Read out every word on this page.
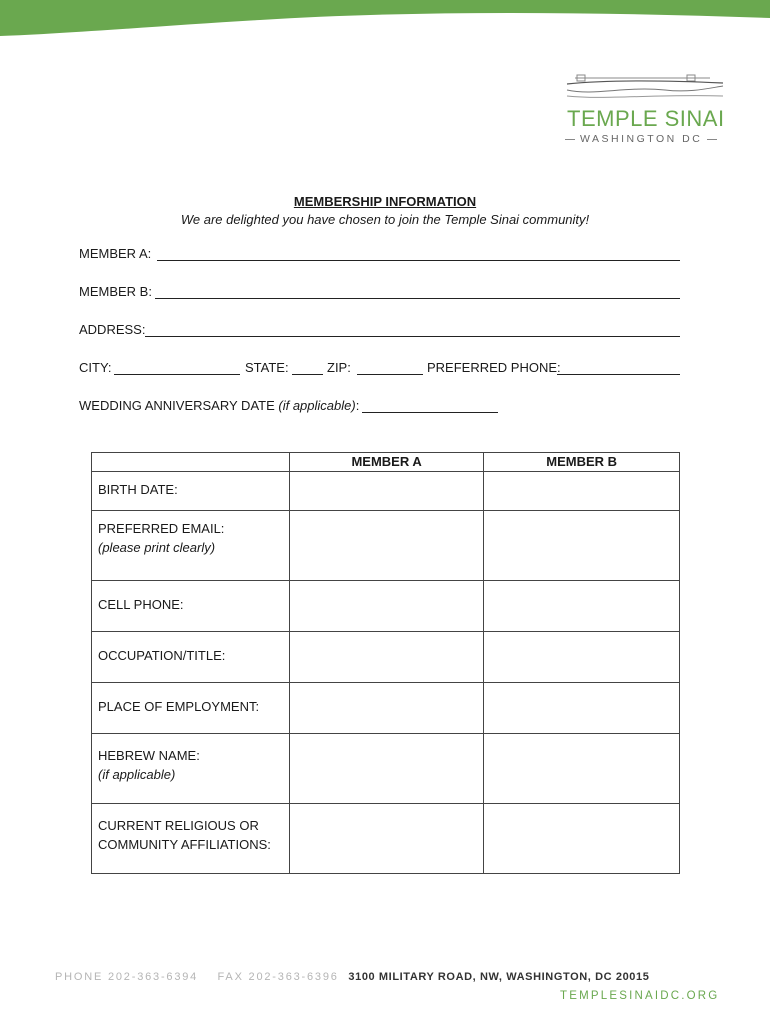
TEMPLE SINAI
WASHINGTON DC
MEMBERSHIP INFORMATION
We are delighted you have chosen to join the Temple Sinai community!
MEMBER A:
MEMBER B:
ADDRESS:
CITY:	STATE:	ZIP:	PREFERRED PHONE:
WEDDING ANNIVERSARY DATE (if applicable):
	MEMBER A	MEMBER B
BIRTH DATE:		
PREFERRED EMAIL:
(please print clearly)		
CELL PHONE:		
OCCUPATION/TITLE:		
PLACE OF EMPLOYMENT:		
HEBREW NAME:
(if applicable)		
CURRENT RELIGIOUS OR
COMMUNITY AFFILIATIONS:		
PHONE 202-363-6394 FAX 202-363-6396 3100 MILITARY ROAD, NW, WASHINGTON, DC 20015
TEMPLESINAIDC.ORG
